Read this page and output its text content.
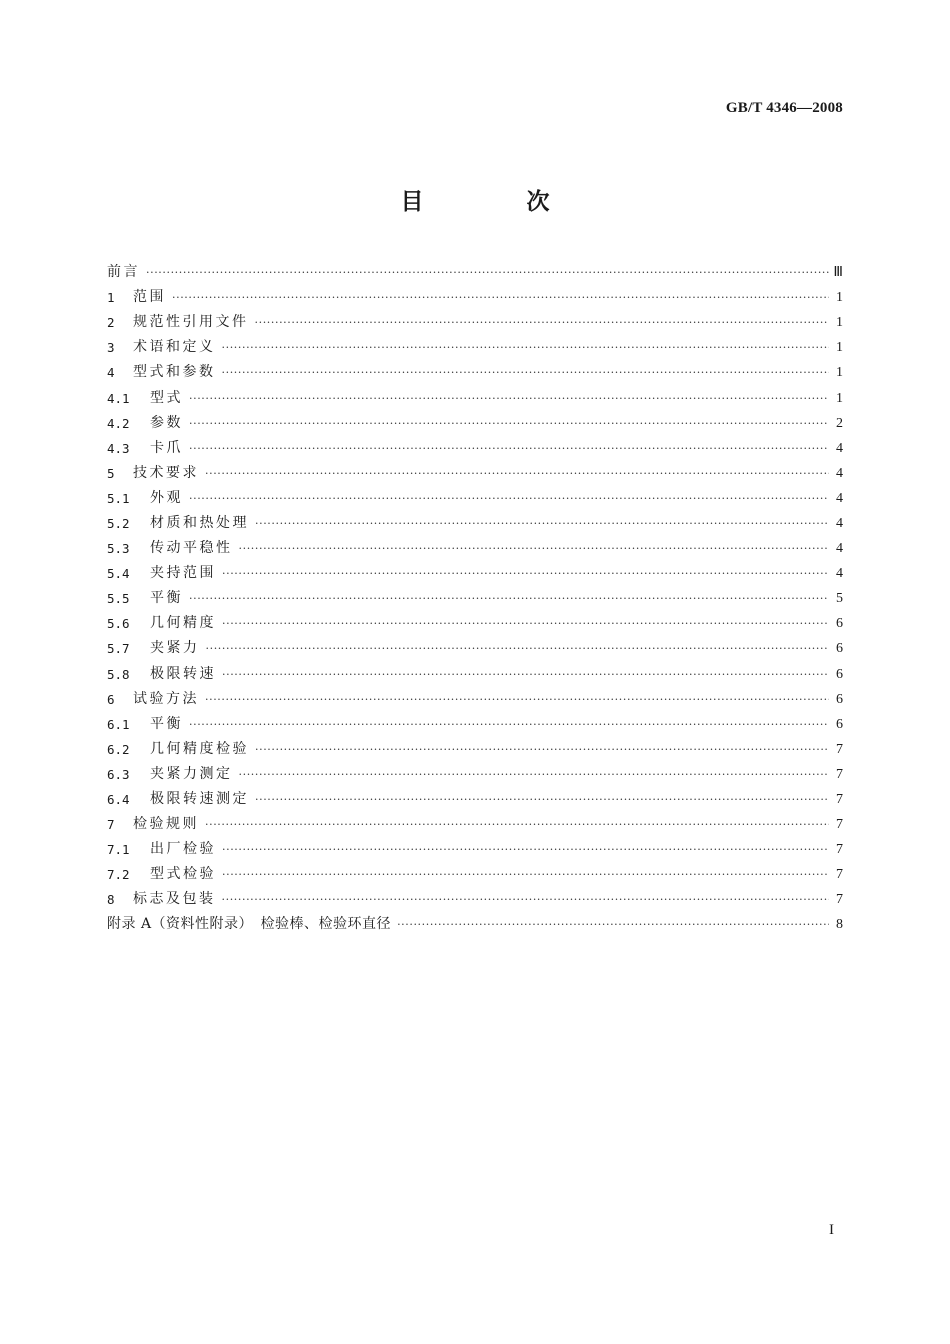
GB/T 4346—2008
目　次
前言 ·····	Ⅲ
1	范围 ·····	1
2	规范性引用文件 ·····	1
3	术语和定义 ·····	1
4	型式和参数 ·····	1
4.1	型式 ·····	1
4.2	参数 ·····	2
4.3	卡爪 ·····	4
5	技术要求 ·····	4
5.1	外观 ·····	4
5.2	材质和热处理 ·····	4
5.3	传动平稳性 ·····	4
5.4	夹持范围 ·····	4
5.5	平衡 ·····	5
5.6	几何精度 ·····	6
5.7	夹紧力 ·····	6
5.8	极限转速 ·····	6
6	试验方法 ·····	6
6.1	平衡 ·····	6
6.2	几何精度检验 ·····	7
6.3	夹紧力测定 ·····	7
6.4	极限转速测定 ·····	7
7	检验规则 ·····	7
7.1	出厂检验 ·····	7
7.2	型式检验 ·····	7
8	标志及包装 ·····	7
附录 A（资料性附录）　检验棒、检验环直径 ·····	8
I
